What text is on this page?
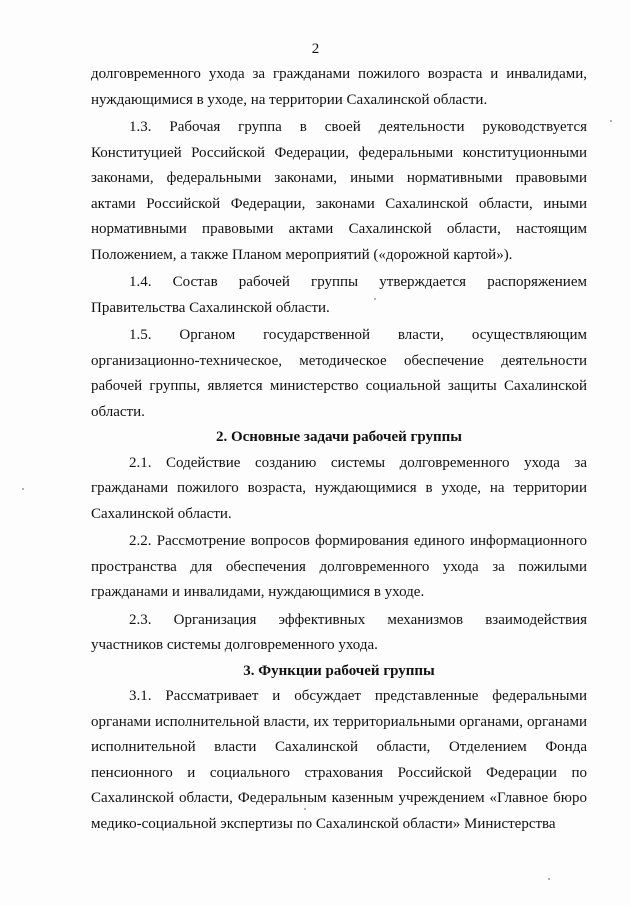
2

долговременного ухода за гражданами пожилого возраста и инвалидами, нуждающимися в уходе, на территории Сахалинской области.

1.3. Рабочая группа в своей деятельности руководствуется Конституцией Российской Федерации, федеральными конституционными законами, федеральными законами, иными нормативными правовыми актами Российской Федерации, законами Сахалинской области, иными нормативными правовыми актами Сахалинской области, настоящим Положением, а также Планом мероприятий («дорожной картой»).

1.4. Состав рабочей группы утверждается распоряжением Правительства Сахалинской области.

1.5. Органом государственной власти, осуществляющим организационно-техническое, методическое обеспечение деятельности рабочей группы, является министерство социальной защиты Сахалинской области.

2. Основные задачи рабочей группы

2.1. Содействие созданию системы долговременного ухода за гражданами пожилого возраста, нуждающимися в уходе, на территории Сахалинской области.

2.2. Рассмотрение вопросов формирования единого информационного пространства для обеспечения долговременного ухода за пожилыми гражданами и инвалидами, нуждающимися в уходе.

2.3. Организация эффективных механизмов взаимодействия участников системы долговременного ухода.

3. Функции рабочей группы

3.1. Рассматривает и обсуждает представленные федеральными органами исполнительной власти, их территориальными органами, органами исполнительной власти Сахалинской области, Отделением Фонда пенсионного и социального страхования Российской Федерации по Сахалинской области, Федеральным казенным учреждением «Главное бюро медико-социальной экспертизы по Сахалинской области» Министерства
